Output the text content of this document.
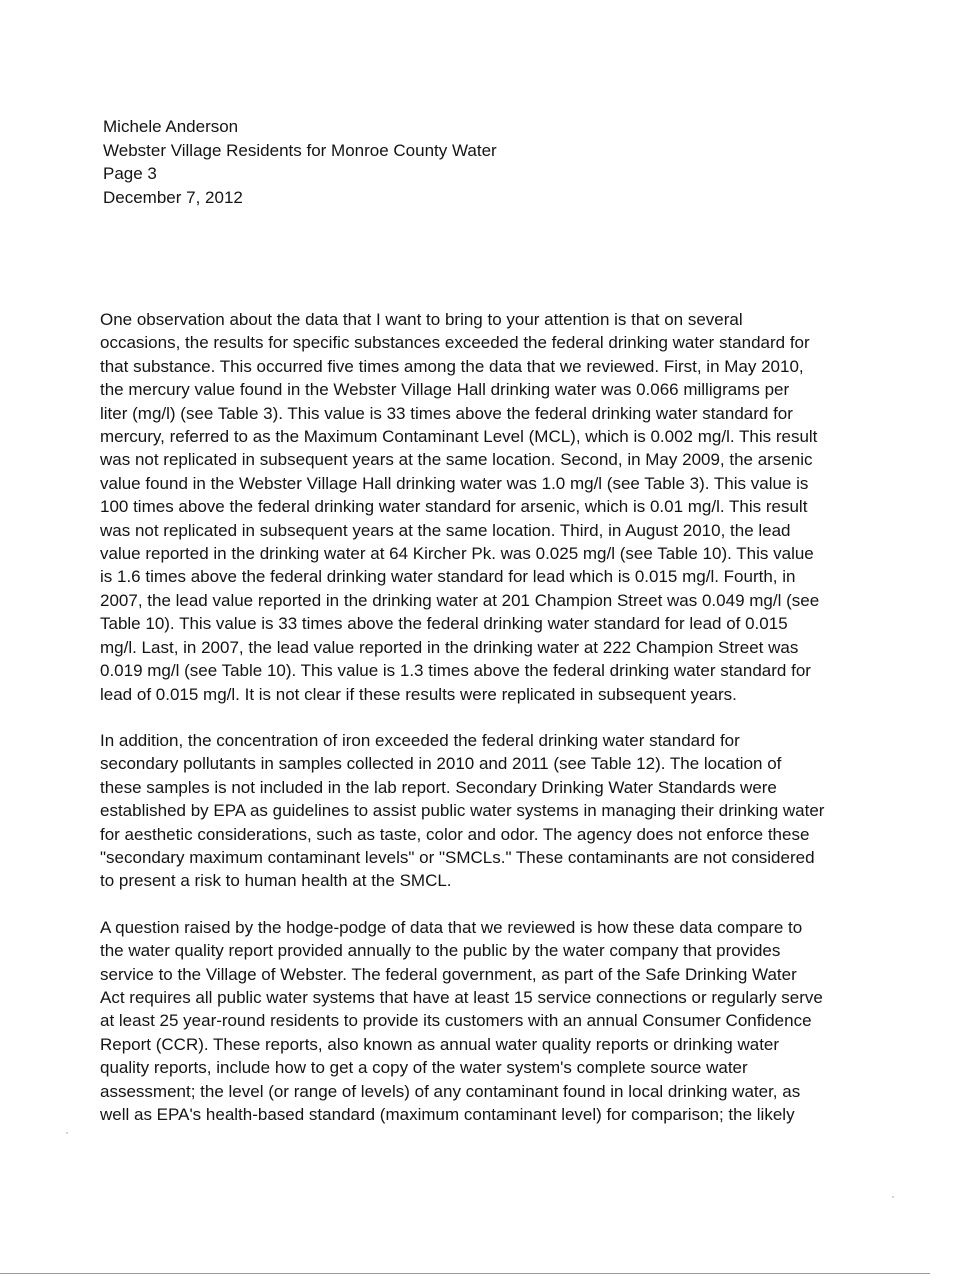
Michele Anderson
Webster Village Residents for Monroe County Water
Page 3
December 7, 2012

One observation about the data that I want to bring to your attention is that on several
occasions, the results for specific substances exceeded the federal drinking water standard for
that substance. This occurred five times among the data that we reviewed. First, in May 2010,
the mercury value found in the Webster Village Hall drinking water was 0.066 milligrams per
liter (mg/l) (see Table 3). This value is 33 times above the federal drinking water standard for
mercury, referred to as the Maximum Contaminant Level (MCL), which is 0.002 mg/l. This result
was not replicated in subsequent years at the same location. Second, in May 2009, the arsenic
value found in the Webster Village Hall drinking water was 1.0 mg/l (see Table 3). This value is
100 times above the federal drinking water standard for arsenic, which is 0.01 mg/l. This result
was not replicated in subsequent years at the same location. Third, in August 2010, the lead
value reported in the drinking water at 64 Kircher Pk. was 0.025 mg/l (see Table 10). This value
is 1.6 times above the federal drinking water standard for lead which is 0.015 mg/l. Fourth, in
2007, the lead value reported in the drinking water at 201 Champion Street was 0.049 mg/l (see
Table 10). This value is 33 times above the federal drinking water standard for lead of 0.015
mg/l. Last, in 2007, the lead value reported in the drinking water at 222 Champion Street was
0.019 mg/l (see Table 10). This value is 1.3 times above the federal drinking water standard for
lead of 0.015 mg/l. It is not clear if these results were replicated in subsequent years.

In addition, the concentration of iron exceeded the federal drinking water standard for
secondary pollutants in samples collected in 2010 and 2011 (see Table 12). The location of
these samples is not included in the lab report. Secondary Drinking Water Standards were
established by EPA as guidelines to assist public water systems in managing their drinking water
for aesthetic considerations, such as taste, color and odor. The agency does not enforce these
"secondary maximum contaminant levels" or "SMCLs." These contaminants are not considered
to present a risk to human health at the SMCL.

A question raised by the hodge-podge of data that we reviewed is how these data compare to
the water quality report provided annually to the public by the water company that provides
service to the Village of Webster. The federal government, as part of the Safe Drinking Water
Act requires all public water systems that have at least 15 service connections or regularly serve
at least 25 year-round residents to provide its customers with an annual Consumer Confidence
Report (CCR). These reports, also known as annual water quality reports or drinking water
quality reports, include how to get a copy of the water system's complete source water
assessment; the level (or range of levels) of any contaminant found in local drinking water, as
well as EPA's health-based standard (maximum contaminant level) for comparison; the likely
